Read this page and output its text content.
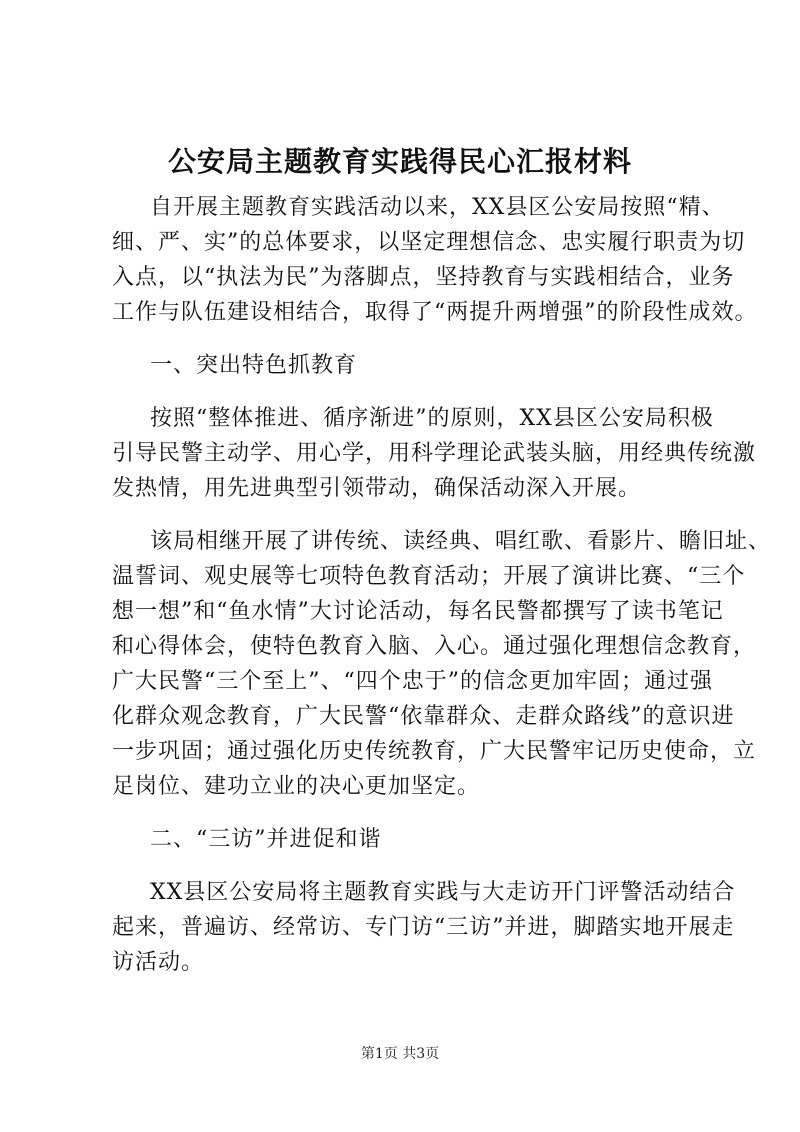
公安局主题教育实践得民心汇报材料

自开展主题教育实践活动以来，XX县区公安局按照“精、

细、严、实”的总体要求，以坚定理想信念、忠实履行职责为切

入点，以“执法为民”为落脚点，坚持教育与实践相结合，业务

工作与队伍建设相结合，取得了“两提升两增强”的阶段性成效。

一、突出特色抓教育

按照“整体推进、循序渐进”的原则，XX县区公安局积极

引导民警主动学、用心学，用科学理论武装头脑，用经典传统激

发热情，用先进典型引领带动，确保活动深入开展。

该局相继开展了讲传统、读经典、唱红歌、看影片、瞻旧址、

温誓词、观史展等七项特色教育活动；开展了演讲比赛、“三个

想一想”和“鱼水情”大讨论活动，每名民警都撰写了读书笔记

和心得体会，使特色教育入脑、入心。通过强化理想信念教育，

广大民警“三个至上”、“四个忠于”的信念更加牢固；通过强

化群众观念教育，广大民警“依靠群众、走群众路线”的意识进

一步巩固；通过强化历史传统教育，广大民警牢记历史使命，立

足岗位、建功立业的决心更加坚定。

二、“三访”并进促和谐

XX县区公安局将主题教育实践与大走访开门评警活动结合

起来，普遍访、经常访、专门访“三访”并进，脚踏实地开展走

访活动。

第1页 共3页
